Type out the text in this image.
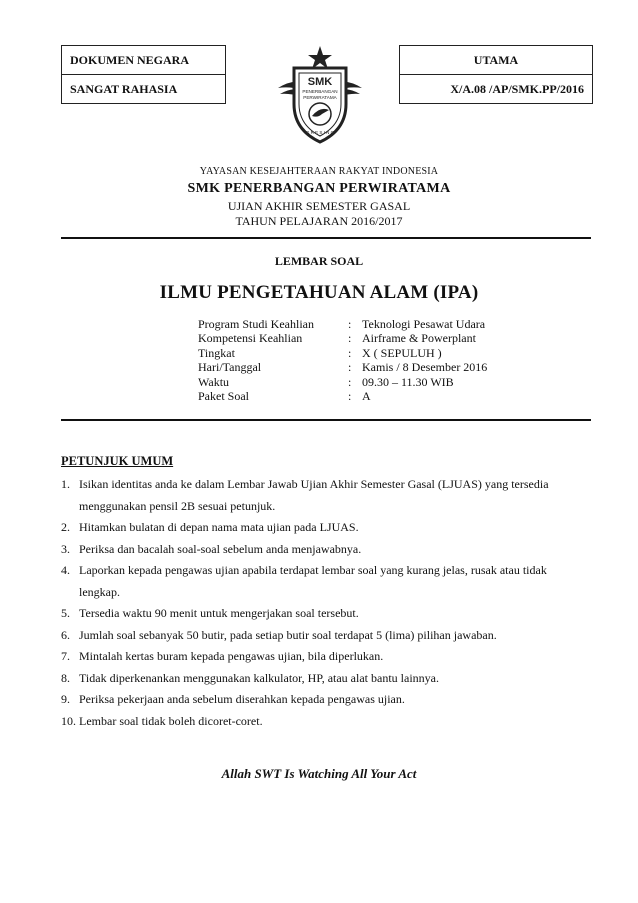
DOKUMEN NEGARA
SANGAT RAHASIA
UTAMA
X/A.08 /AP/SMK.PP/2016
SMK
PENERBANGAN
PERWIRATAMA
G R E S I N G
YAYASAN KESEJAHTERAAN RAKYAT INDONESIA
SMK PENERBANGAN PERWIRATAMA
UJIAN AKHIR SEMESTER GASAL
TAHUN PELAJARAN 2016/2017
LEMBAR SOAL
ILMU PENGETAHUAN ALAM (IPA)
Program Studi Keahlian	: Teknologi Pesawat Udara
Kompetensi Keahlian	: Airframe & Powerplant
Tingkat	: X ( SEPULUH )
Hari/Tanggal	: Kamis / 8 Desember 2016
Waktu	: 09.30 – 11.30 WIB
Paket Soal	: A
PETUNJUK UMUM
1. Isikan identitas anda ke dalam Lembar Jawab Ujian Akhir Semester Gasal (LJUAS) yang tersedia menggunakan pensil 2B sesuai petunjuk.
2. Hitamkan bulatan di depan nama mata ujian pada LJUAS.
3. Periksa dan bacalah soal-soal sebelum anda menjawabnya.
4. Laporkan kepada pengawas ujian apabila terdapat lembar soal yang kurang jelas, rusak atau tidak lengkap.
5. Tersedia waktu 90 menit untuk mengerjakan soal tersebut.
6. Jumlah soal sebanyak 50 butir, pada setiap butir soal terdapat 5 (lima) pilihan jawaban.
7. Mintalah kertas buram kepada pengawas ujian, bila diperlukan.
8. Tidak diperkenankan menggunakan kalkulator, HP, atau alat bantu lainnya.
9. Periksa pekerjaan anda sebelum diserahkan kepada pengawas ujian.
10. Lembar soal tidak boleh dicoret-coret.
Allah SWT Is Watching All Your Act
